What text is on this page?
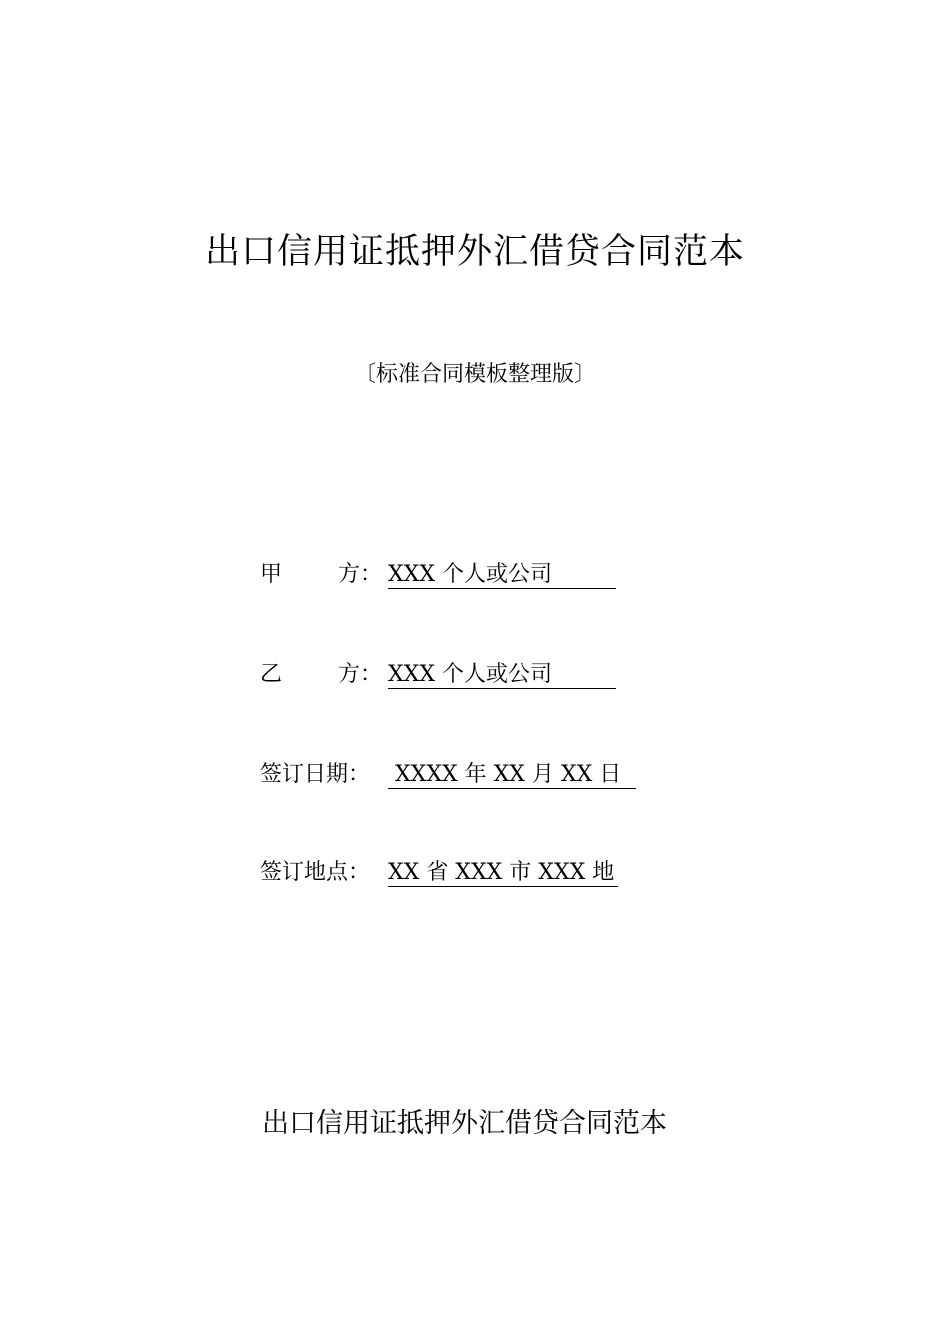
出口信用证抵押外汇借贷合同范本
〔标准合同模板整理版〕
甲	方： XXX 个人或公司
乙	方： XXX 个人或公司
签订日期： XXXX 年 XX 月 XX 日
签订地点： XX 省 XXX 市 XXX 地
出口信用证抵押外汇借贷合同范本
